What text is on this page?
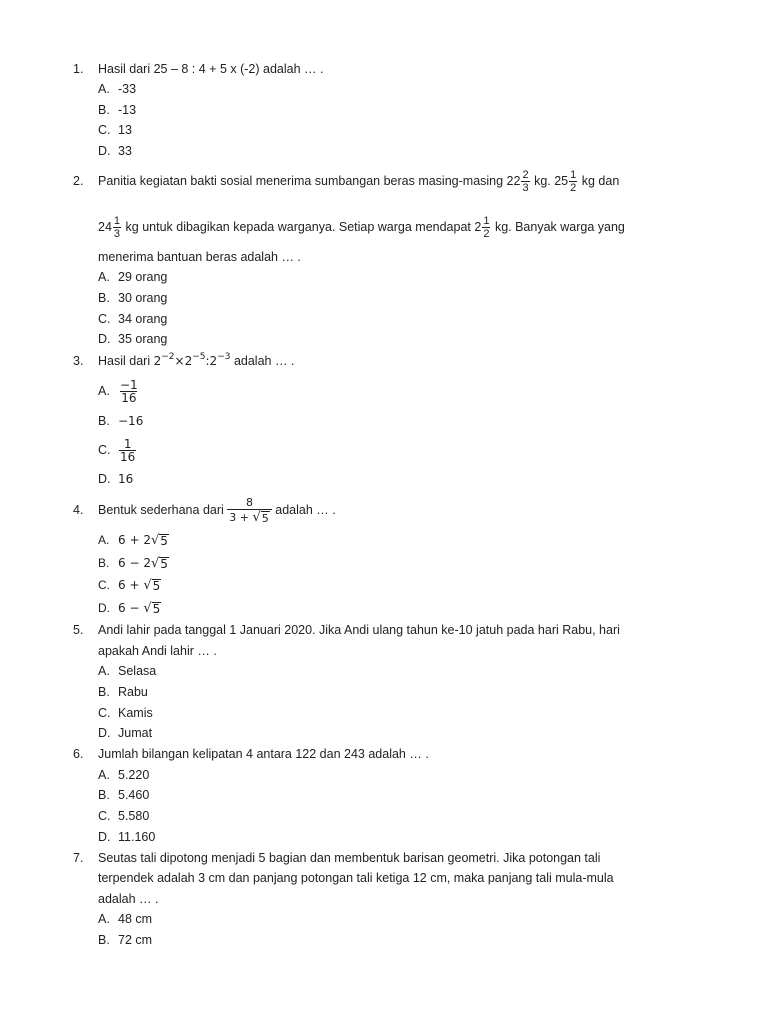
1. Hasil dari 25 – 8 : 4 + 5 x (-2) adalah … .
A. -33
B. -13
C. 13
D. 33
2. Panitia kegiatan bakti sosial menerima sumbangan beras masing-masing $22 \frac{2}{3}$ kg. $25 \frac{1}{2}$ kg dan
$24 \frac{1}{3}$ kg untuk dibagikan kepada warganya. Setiap warga mendapat $2 \frac{1}{2}$ kg. Banyak warga yang
menerima bantuan beras adalah … .
A. 29 orang
B. 30 orang
C. 34 orang
D. 35 orang
3. Hasil dari $2^{-2}\times 2^{-5}:2^{-3}$ adalah … .
A. $\frac{-1}{16}$
B. −16
C. $\frac{1}{16}$
D. 16
4. Bentuk sederhana dari $\frac{8}{3 + √ 5}$ adalah … .
A. 6 + 2 √ 5
B. 6 − 2 √ 5
C. 6 + √ 5
D. 6 − √ 5
5. Andi lahir pada tanggal 1 Januari 2020. Jika Andi ulang tahun ke-10 jatuh pada hari Rabu, hari
apakah Andi lahir … .
A. Selasa
B. Rabu
C. Kamis
D. Jumat
6. Jumlah bilangan kelipatan 4 antara 122 dan 243 adalah … .
A. 5.220
B. 5.460
C. 5.580
D. 11.160
7. Seutas tali dipotong menjadi 5 bagian dan membentuk barisan geometri. Jika potongan tali
terpendek adalah 3 cm dan panjang potongan tali ketiga 12 cm, maka panjang tali mula-mula
adalah … .
A. 48 cm
B. 72 cm
